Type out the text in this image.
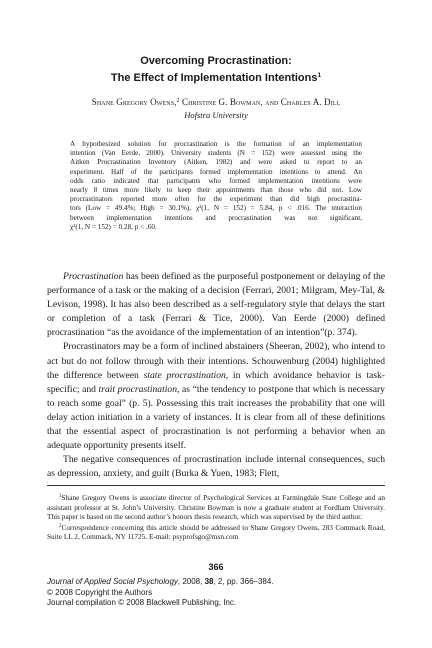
Overcoming Procrastination:
The Effect of Implementation Intentions$^1$
Shane Gregory Owens,$^2$ Christine G. Bowman, and Charles A. Dill
Hofstra University
A hypothesized solution for procrastination is the formation of an implementation
intention (Van Eerde, 2000). University students (N = 152) were assessed using the
Aitken Procrastination Inventory (Aitken, 1982) and were asked to report to an
experiment. Half of the participants formed implementation intentions to attend. An
odds ratio indicated that participants who formed implementation intentions were
nearly 8 times more likely to keep their appointments than those who did not. Low
procrastinators reported more often for the experiment than did high procrastina-
tors (Low = 49.4%; High = 30.1%), χ²(1, N = 152) = 5.84, p < .016. The interaction
between implementation intentions and procrastination was not significant,
χ²(1, N = 152) = 0.28, p < .60.

Procrastination has been defined as the purposeful postponement or delaying of the performance of a task or the making of a decision (Ferrari, 2001; Milgram, Mey-Tal, & Levison, 1998). It has also been described as a self-regulatory style that delays the start or completion of a task (Ferrari & Tice, 2000). Van Eerde (2000) defined procrastination “as the avoidance of the implementation of an intention”(p. 374).

Procrastinators may be a form of inclined abstainers (Sheeran, 2002), who intend to act but do not follow through with their intentions. Schouwenburg (2004) highlighted the difference between state procrastination, in which avoidance behavior is task-specific; and trait procrastination, as “the tendency to postpone that which is necessary to reach some goal” (p. 5). Possessing this trait increases the probability that one will delay action initiation in a variety of instances. It is clear from all of these definitions that the essential aspect of procrastination is not performing a behavior when an adequate opportunity presents itself.

The negative consequences of procrastination include internal consequences, such as depression, anxiety, and guilt (Burka & Yuen, 1983; Flett,

$^1$Shane Gregory Owens is associate director of Psychological Services at Farmingdale State College and an assistant professor at St. John’s University. Christine Bowman is now a graduate student at Fordham University. This paper is based on the second author’s honors thesis research, which was supervised by the third author.

$^2$Correspondence concerning this article should be addressed to Shane Gregory Owens, 283 Commack Road, Suite LL 2, Commack, NY 11725. E-mail: psyprofsgo@msn.com

366
Journal of Applied Social Psychology, 2008, 38, 2, pp. 366–384.
© 2008 Copyright the Authors
Journal compilation © 2008 Blackwell Publishing, Inc.
